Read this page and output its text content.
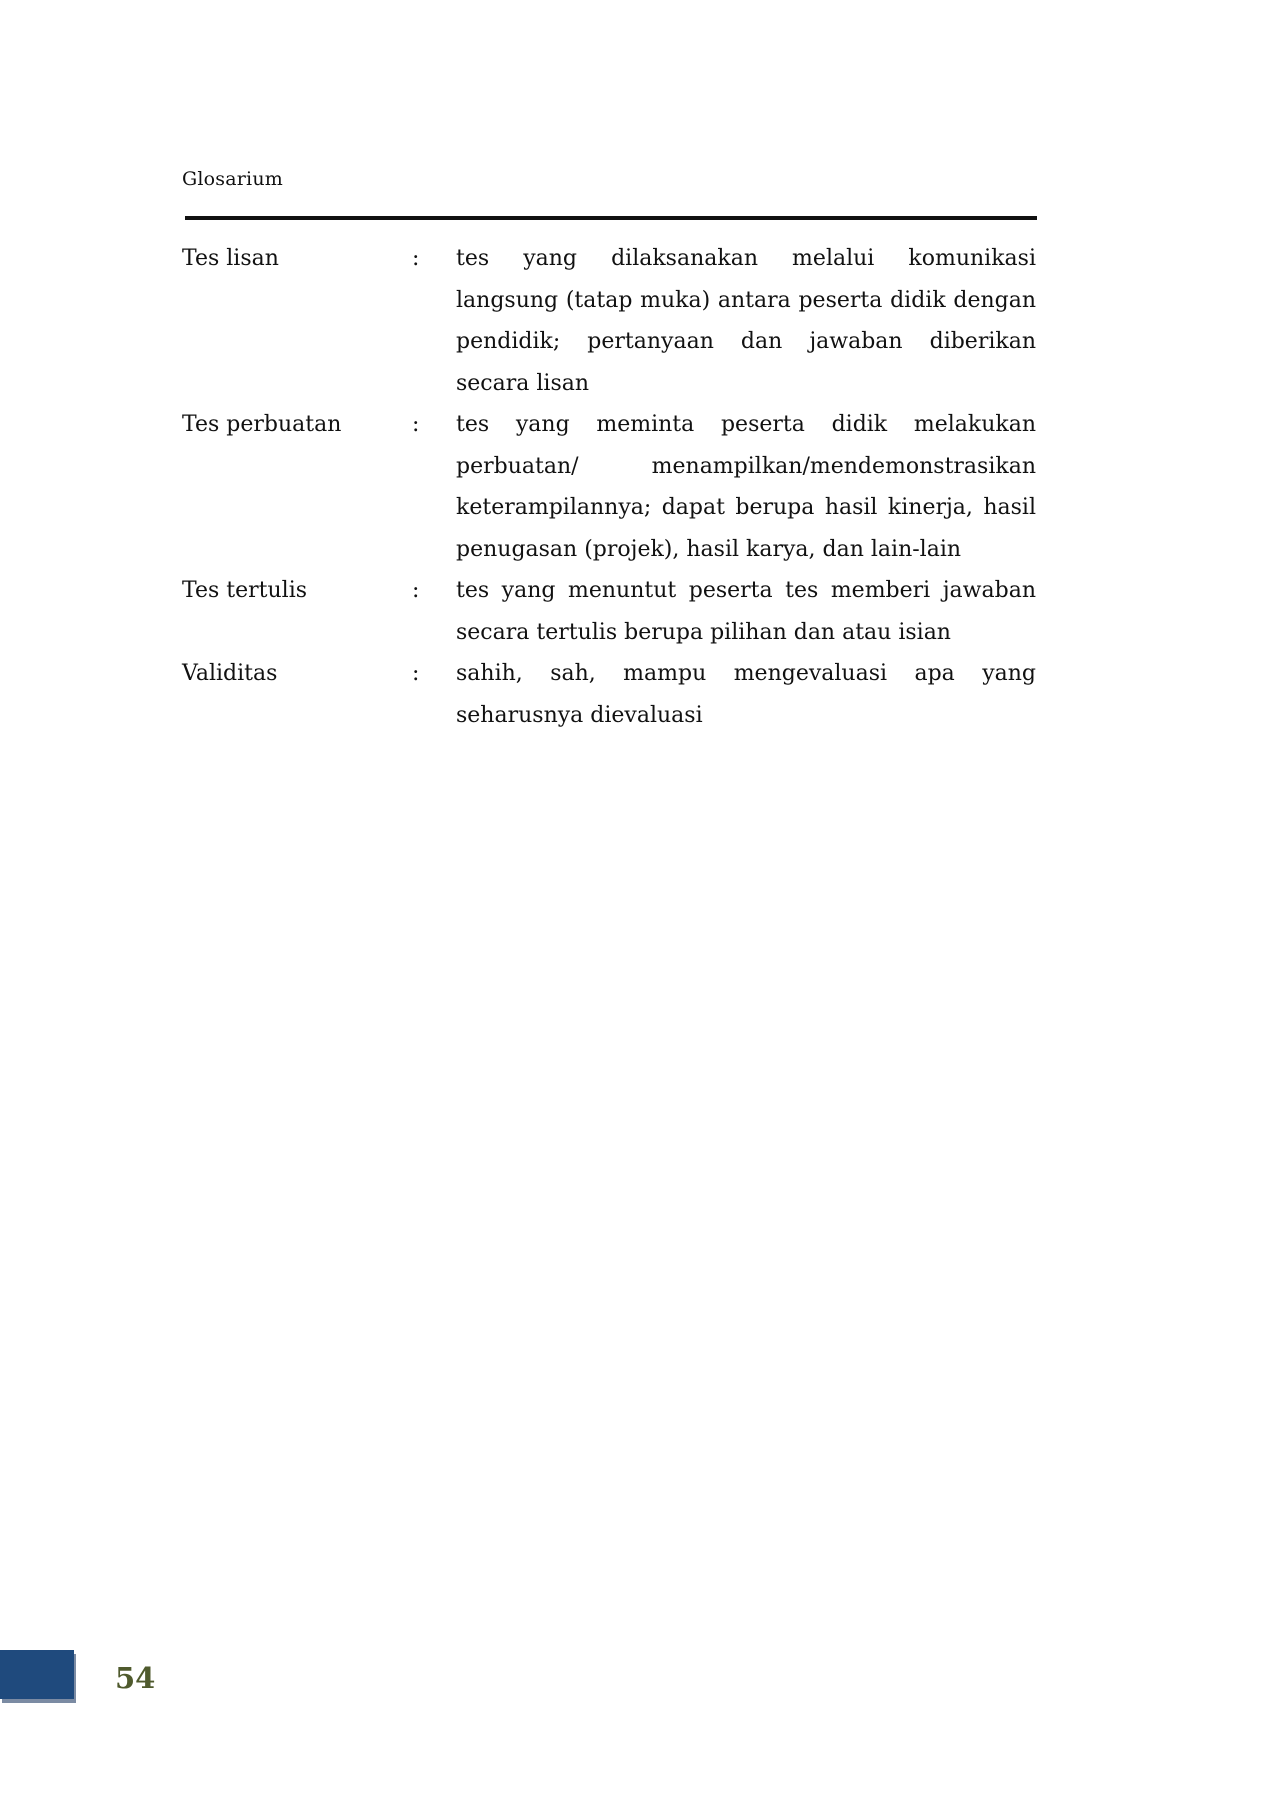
Glosarium
Tes lisan	:	tes yang dilaksanakan melalui komunikasi langsung (tatap muka) antara peserta didik dengan pendidik; pertanyaan dan jawaban diberikan secara lisan
Tes perbuatan	:	tes yang meminta peserta didik melakukan perbuatan/ menampilkan/mendemonstrasikan keterampilannya; dapat berupa hasil kinerja, hasil penugasan (projek), hasil karya, dan lain-lain
Tes tertulis	:	tes yang menuntut peserta tes memberi jawaban secara tertulis berupa pilihan dan atau isian
Validitas	:	sahih, sah, mampu mengevaluasi apa yang seharusnya dievaluasi
54
